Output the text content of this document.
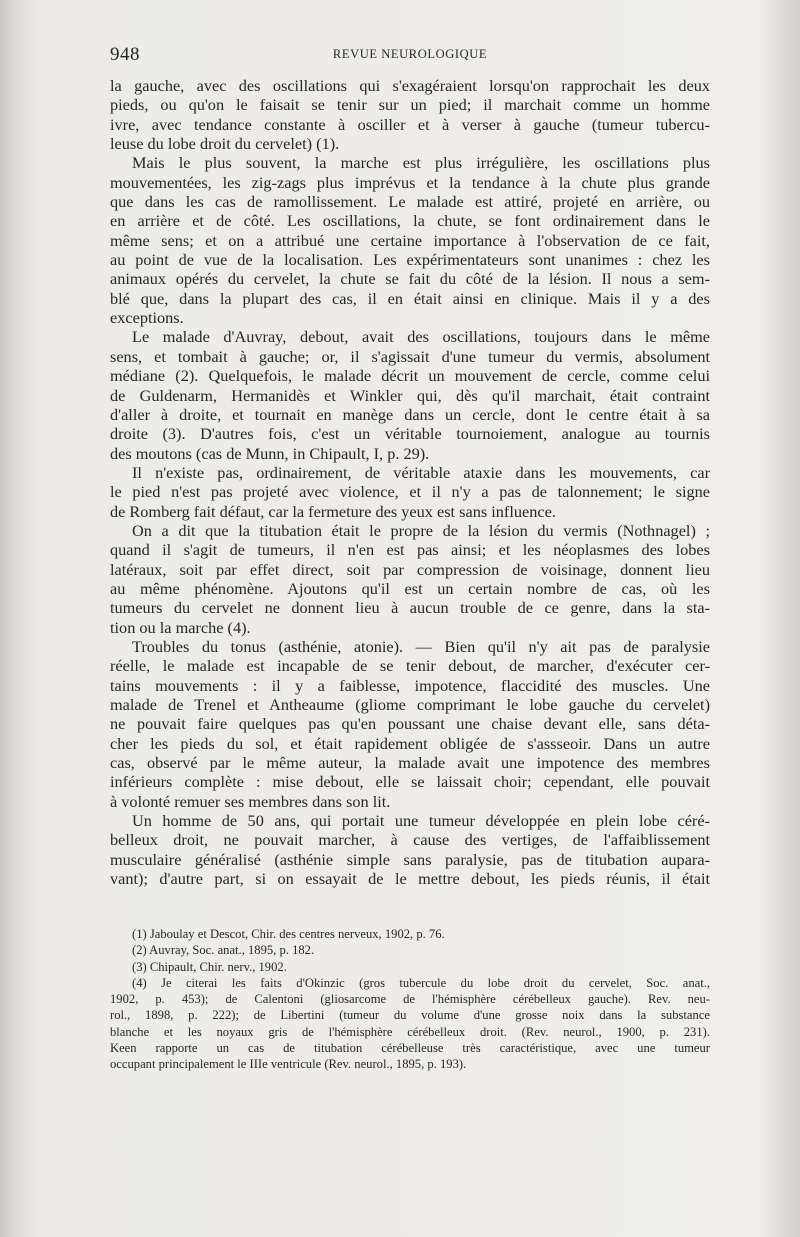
948	REVUE NEUROLOGIQUE
la gauche, avec des oscillations qui s'exagéraient lorsqu'on rapprochait les deux
pieds, ou qu'on le faisait se tenir sur un pied; il marchait comme un homme
ivre, avec tendance constante à osciller et à verser à gauche (tumeur tubercu-
leuse du lobe droit du cervelet) (1).
Mais le plus souvent, la marche est plus irrégulière, les oscillations plus
mouvementées, les zig-zags plus imprévus et la tendance à la chute plus grande
que dans les cas de ramollissement. Le malade est attiré, projeté en arrière, ou
en arrière et de côté. Les oscillations, la chute, se font ordinairement dans le
même sens; et on a attribué une certaine importance à l'observation de ce fait,
au point de vue de la localisation. Les expérimentateurs sont unanimes : chez les
animaux opérés du cervelet, la chute se fait du côté de la lésion. Il nous a sem-
blé que, dans la plupart des cas, il en était ainsi en clinique. Mais il y a des
exceptions.
Le malade d'Auvray, debout, avait des oscillations, toujours dans le même
sens, et tombait à gauche; or, il s'agissait d'une tumeur du vermis, absolument
médiane (2). Quelquefois, le malade décrit un mouvement de cercle, comme celui
de Guldenarm, Hermanidès et Winkler qui, dès qu'il marchait, était contraint
d'aller à droite, et tournait en manège dans un cercle, dont le centre était à sa
droite (3). D'autres fois, c'est un véritable tournoiement, analogue au tournis
des moutons (cas de Munn, in Chipault, I, p. 29).
Il n'existe pas, ordinairement, de véritable ataxie dans les mouvements, car
le pied n'est pas projeté avec violence, et il n'y a pas de talonnement; le signe
de Romberg fait défaut, car la fermeture des yeux est sans influence.
On a dit que la titubation était le propre de la lésion du vermis (Nothnagel) ;
quand il s'agit de tumeurs, il n'en est pas ainsi; et les néoplasmes des lobes
latéraux, soit par effet direct, soit par compression de voisinage, donnent lieu
au même phénomène. Ajoutons qu'il est un certain nombre de cas, où les
tumeurs du cervelet ne donnent lieu à aucun trouble de ce genre, dans la sta-
tion ou la marche (4).
Troubles du tonus (asthénie, atonie). — Bien qu'il n'y ait pas de paralysie
réelle, le malade est incapable de se tenir debout, de marcher, d'exécuter cer-
tains mouvements : il y a faiblesse, impotence, flaccidité des muscles. Une
malade de Trenel et Antheaume (gliome comprimant le lobe gauche du cervelet)
ne pouvait faire quelques pas qu'en poussant une chaise devant elle, sans déta-
cher les pieds du sol, et était rapidement obligée de s'assseoir. Dans un autre
cas, observé par le même auteur, la malade avait une impotence des membres
inférieurs complète : mise debout, elle se laissait choir; cependant, elle pouvait
à volonté remuer ses membres dans son lit.
Un homme de 50 ans, qui portait une tumeur développée en plein lobe céré-
belleux droit, ne pouvait marcher, à cause des vertiges, de l'affaiblissement
musculaire généralisé (asthénie simple sans paralysie, pas de titubation aupara-
vant); d'autre part, si on essayait de le mettre debout, les pieds réunis, il était
(1) Jaboulay et Descot, Chir. des centres nerveux, 1902, p. 76.
(2) Auvray, Soc. anat., 1895, p. 182.
(3) Chipault, Chir. nerv., 1902.
(4) Je citerai les faits d'Okinzic (gros tubercule du lobe droit du cervelet, Soc. anat.,
1902, p. 453); de Calentoni (gliosarcome de l'hémisphère cérébelleux gauche). Rev. neu-
rol., 1898, p. 222); de Libertini (tumeur du volume d'une grosse noix dans la substance
blanche et les noyaux gris de l'hémisphère cérébelleux droit. (Rev. neurol., 1900, p. 231).
Keen rapporte un cas de titubation cérébelleuse très caractéristique, avec une tumeur
occupant principalement le IIIe ventricule (Rev. neurol., 1895, p. 193).
